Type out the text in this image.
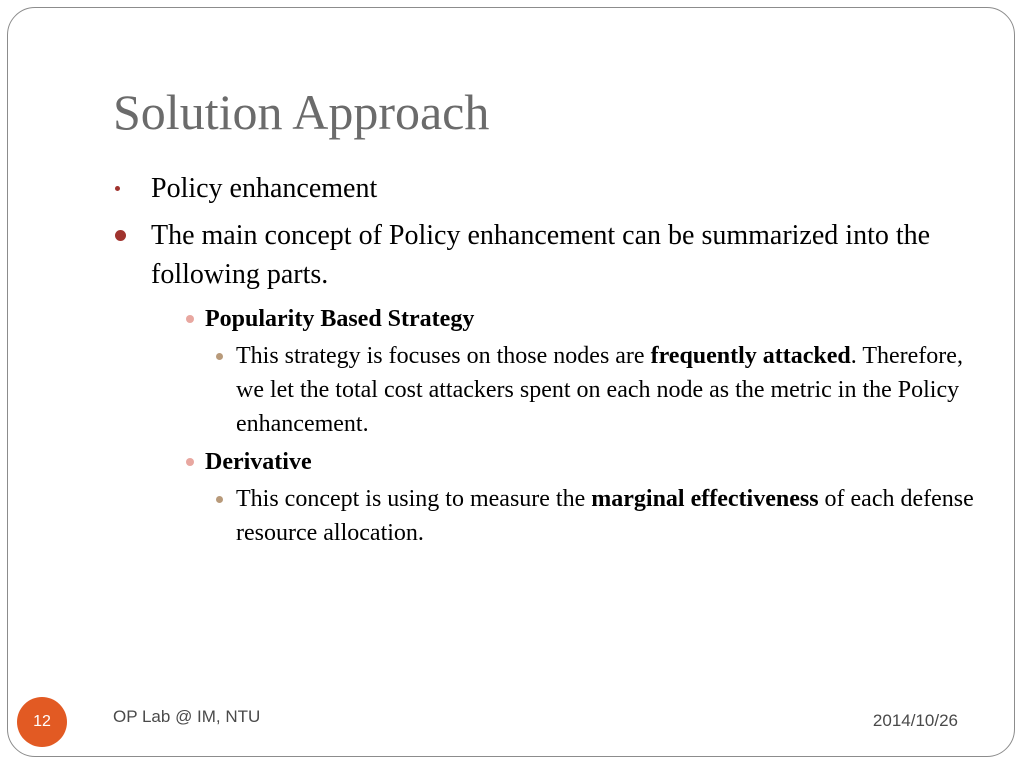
Solution Approach
Policy enhancement
The main concept of Policy enhancement can be summarized into the following parts.
Popularity Based Strategy
This strategy is focuses on those nodes are frequently attacked. Therefore, we let the total cost attackers spent on each node as the metric in the Policy enhancement.
Derivative
This concept is using to measure the marginal effectiveness of each defense resource allocation.
12	OP Lab @ IM, NTU	2014/10/26
